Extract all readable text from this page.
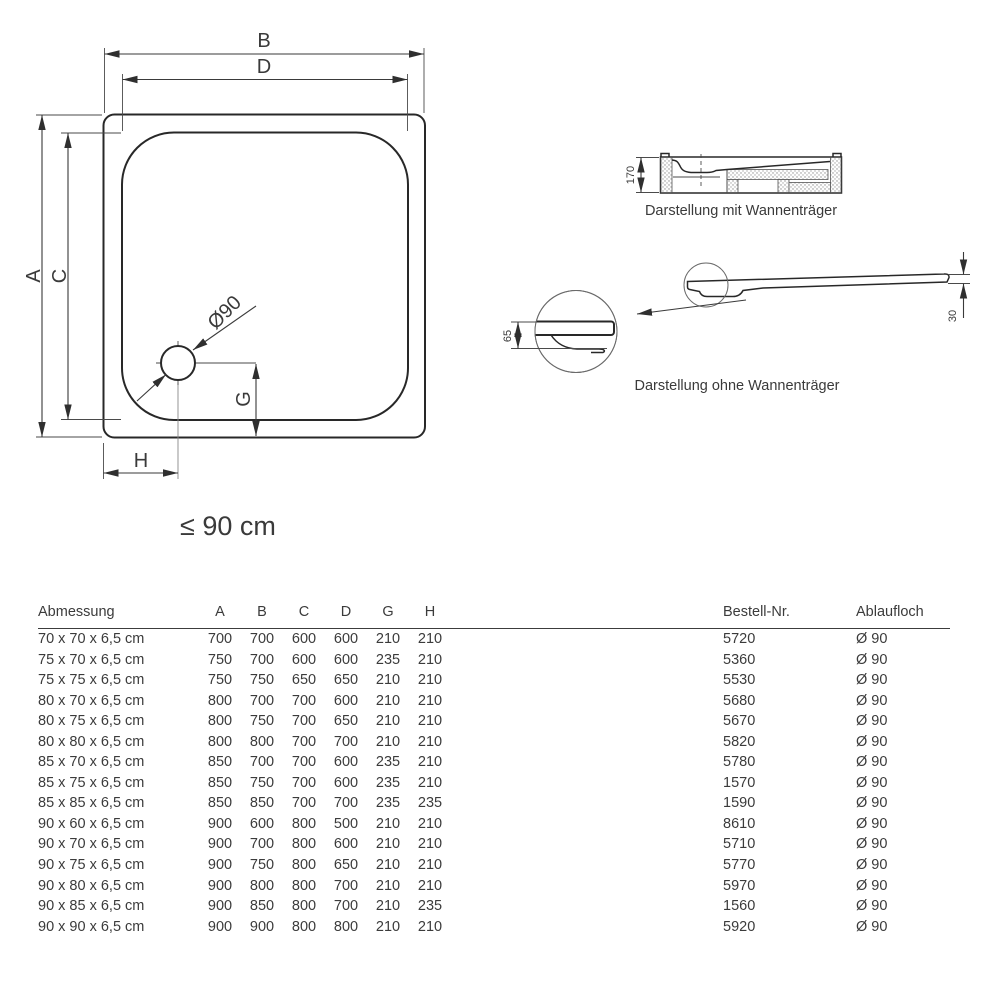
B
D
A C
Ø90
G
H
≤ 90 cm
170
Darstellung mit Wannenträger
65
30
Darstellung ohne Wannenträger
Abmessung	A	B	C	D	G	H		Bestell-Nr.	Ablaufloch
70 x 70 x 6,5 cm	700	700	600	600	210	210		5720	Ø 90
75 x 70 x 6,5 cm	750	700	600	600	235	210		5360	Ø 90
75 x 75 x 6,5 cm	750	750	650	650	210	210		5530	Ø 90
80 x 70 x 6,5 cm	800	700	700	600	210	210		5680	Ø 90
80 x 75 x 6,5 cm	800	750	700	650	210	210		5670	Ø 90
80 x 80 x 6,5 cm	800	800	700	700	210	210		5820	Ø 90
85 x 70 x 6,5 cm	850	700	700	600	235	210		5780	Ø 90
85 x 75 x 6,5 cm	850	750	700	600	235	210		1570	Ø 90
85 x 85 x 6,5 cm	850	850	700	700	235	235		1590	Ø 90
90 x 60 x 6,5 cm	900	600	800	500	210	210		8610	Ø 90
90 x 70 x 6,5 cm	900	700	800	600	210	210		5710	Ø 90
90 x 75 x 6,5 cm	900	750	800	650	210	210		5770	Ø 90
90 x 80 x 6,5 cm	900	800	800	700	210	210		5970	Ø 90
90 x 85 x 6,5 cm	900	850	800	700	210	235		1560	Ø 90
90 x 90 x 6,5 cm	900	900	800	800	210	210		5920	Ø 90
